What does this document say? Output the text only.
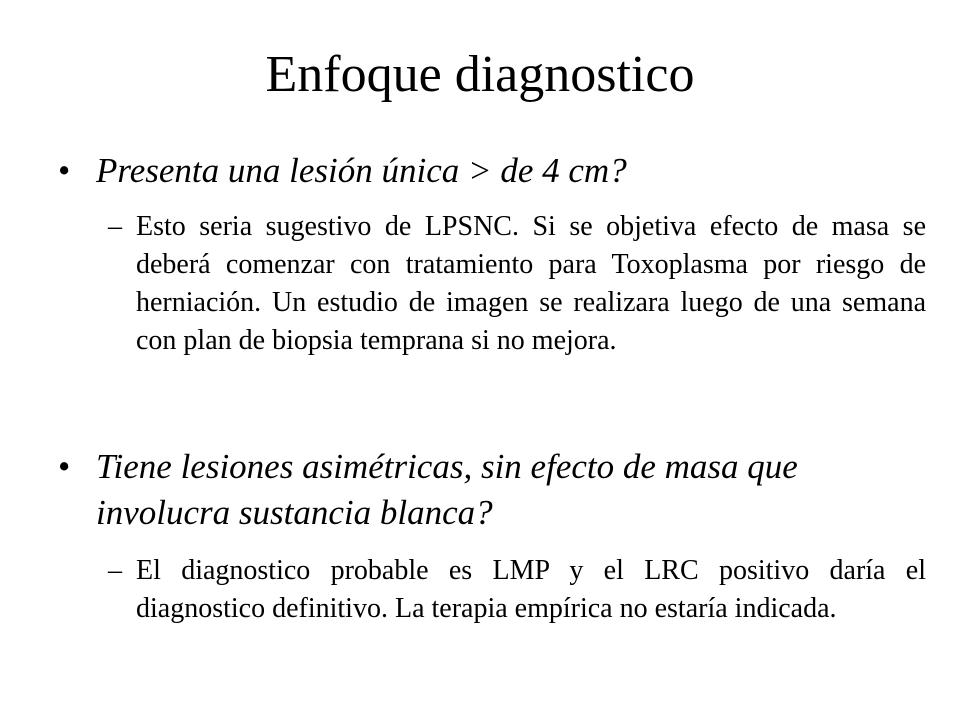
Enfoque diagnostico
• Presenta una lesión única > de 4 cm?
– Esto seria sugestivo de LPSNC. Si se objetiva efecto de masa se deberá comenzar con tratamiento para Toxoplasma por riesgo de herniación. Un estudio de imagen se realizara luego de una semana con plan de biopsia temprana si no mejora.
• Tiene lesiones asimétricas, sin efecto de masa que involucra sustancia blanca?
– El diagnostico probable es LMP y el LRC positivo daría el diagnostico definitivo. La terapia empírica no estaría indicada.
